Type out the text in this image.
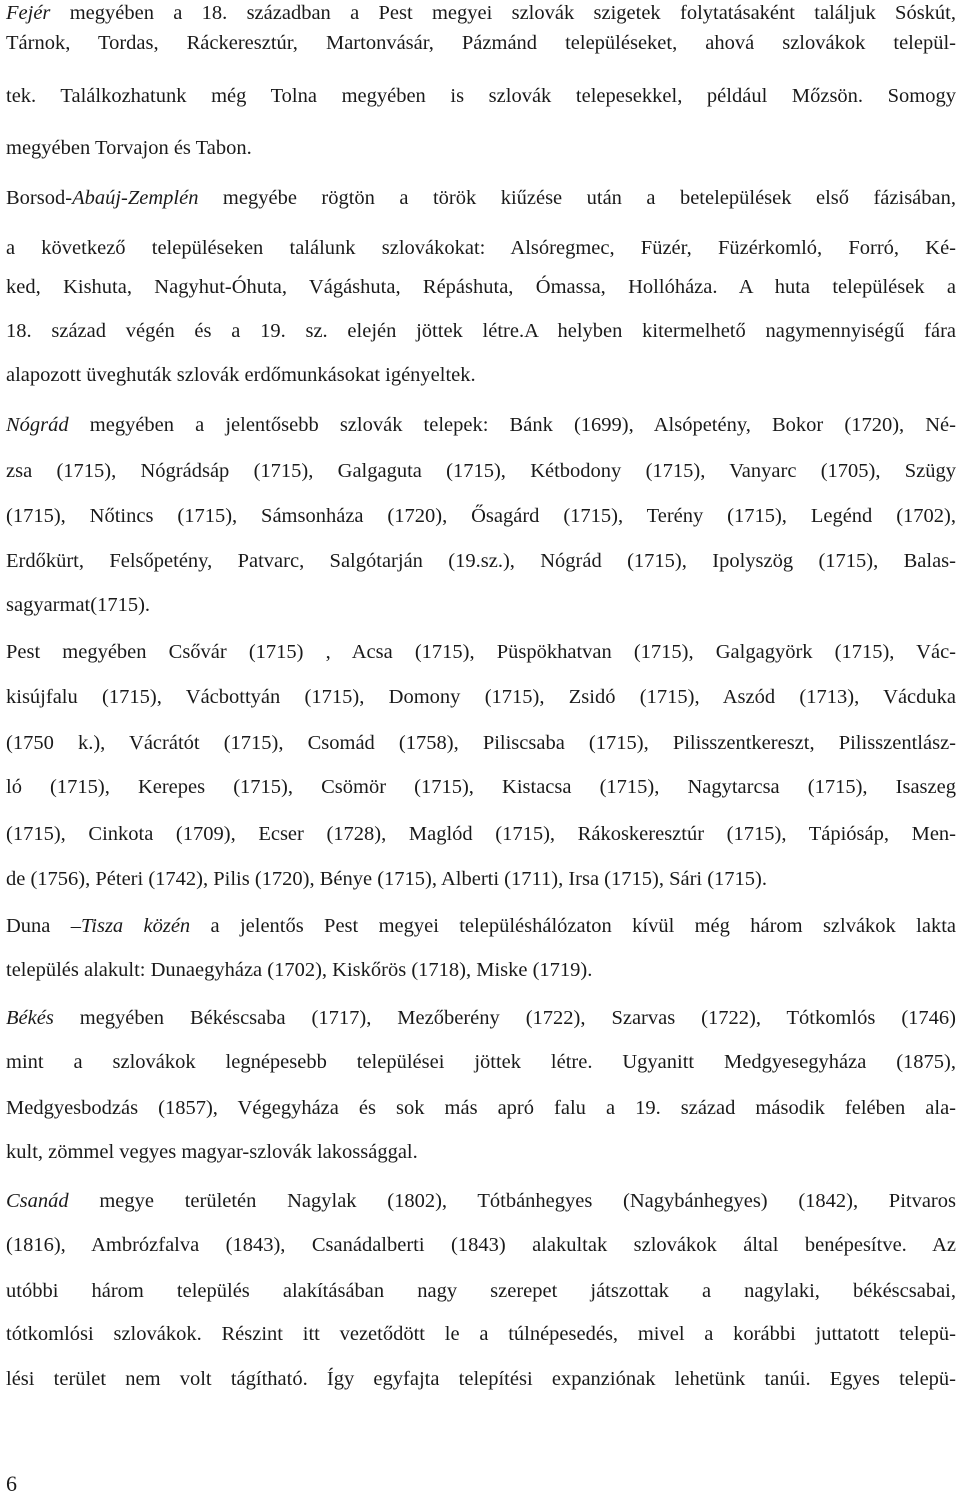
Fejér megyében a 18. században a Pest megyei szlovák szigetek folytatásaként találjuk Sóskút,
Tárnok, Tordas, Ráckeresztúr, Martonvásár, Pázmánd településeket, ahová szlovákok települ-
tek. Találkozhatunk még Tolna megyében is szlovák telepesekkel, például Mőzsön. Somogy
megyében Torvajon és Tabon.
Borsod-Abaúj-Zemplén megyébe rögtön a török kiűzése után a betelepülések első fázisában,
a következő településeken találunk szlovákokat: Alsóregmec, Füzér, Füzérkomló, Forró, Ké-
ked, Kishuta, Nagyhut-Óhuta, Vágáshuta, Répáshuta, Ómassa, Hollóháza. A huta települések a
18. század végén és a 19. sz. elején jöttek létre.A helyben kitermelhető nagymennyiségű fára
alapozott üveghuták szlovák erdőmunkásokat igényeltek.
Nógrád megyében a jelentősebb szlovák telepek: Bánk (1699), Alsópetény, Bokor (1720), Né-
zsa (1715), Nógrádsáp (1715), Galgaguta (1715), Kétbodony (1715), Vanyarc (1705), Szügy
(1715), Nőtincs (1715), Sámsonháza (1720), Ősagárd (1715), Terény (1715), Legénd (1702),
Erdőkürt, Felsőpetény, Patvarc, Salgótarján (19.sz.), Nógrád (1715), Ipolyszög (1715), Balas-
sagyarmat(1715).
Pest megyében Csővár (1715) , Acsa (1715), Püspökhatvan (1715), Galgagyörk (1715), Vác-
kisújfalu (1715), Vácbottyán (1715), Domony (1715), Zsidó (1715), Aszód (1713), Vácduka
(1750 k.), Vácrátót (1715), Csomád (1758), Piliscsaba (1715), Pilisszentkereszt, Pilisszentlász-
ló (1715), Kerepes (1715), Csömör (1715), Kistacsa (1715), Nagytarcsa (1715), Isaszeg
(1715), Cinkota (1709), Ecser (1728), Maglód (1715), Rákoskeresztúr (1715), Tápiósáp, Men-
de (1756), Péteri (1742), Pilis (1720), Bénye (1715), Alberti (1711), Irsa (1715), Sári (1715).
Duna –Tisza közén a jelentős Pest megyei településhálózaton kívül még három szlvákok lakta
település alakult: Dunaegyháza (1702), Kiskőrös (1718), Miske (1719).
Békés megyében Békéscsaba (1717), Mezőberény (1722), Szarvas (1722), Tótkomlós (1746)
mint a szlovákok legnépesebb települései jöttek létre. Ugyanitt Medgyesegyháza (1875),
Medgyesbodzás (1857), Végegyháza és sok más apró falu a 19. század második felében ala-
kult, zömmel vegyes magyar-szlovák lakossággal.
Csanád megye területén Nagylak (1802), Tótbánhegyes (Nagybánhegyes) (1842), Pitvaros
(1816), Ambrózfalva (1843), Csanádalberti (1843) alakultak szlovákok által benépesítve. Az
utóbbi három település alakításában nagy szerepet játszottak a nagylaki, békéscsabai,
tótkomlósi szlovákok. Részint itt vezetődött le a túlnépesedés, mivel a korábbi juttatott telepü-
lési terület nem volt tágítható. Így egyfajta telepítési expanziónak lehetünk tanúi. Egyes telepü-
6
